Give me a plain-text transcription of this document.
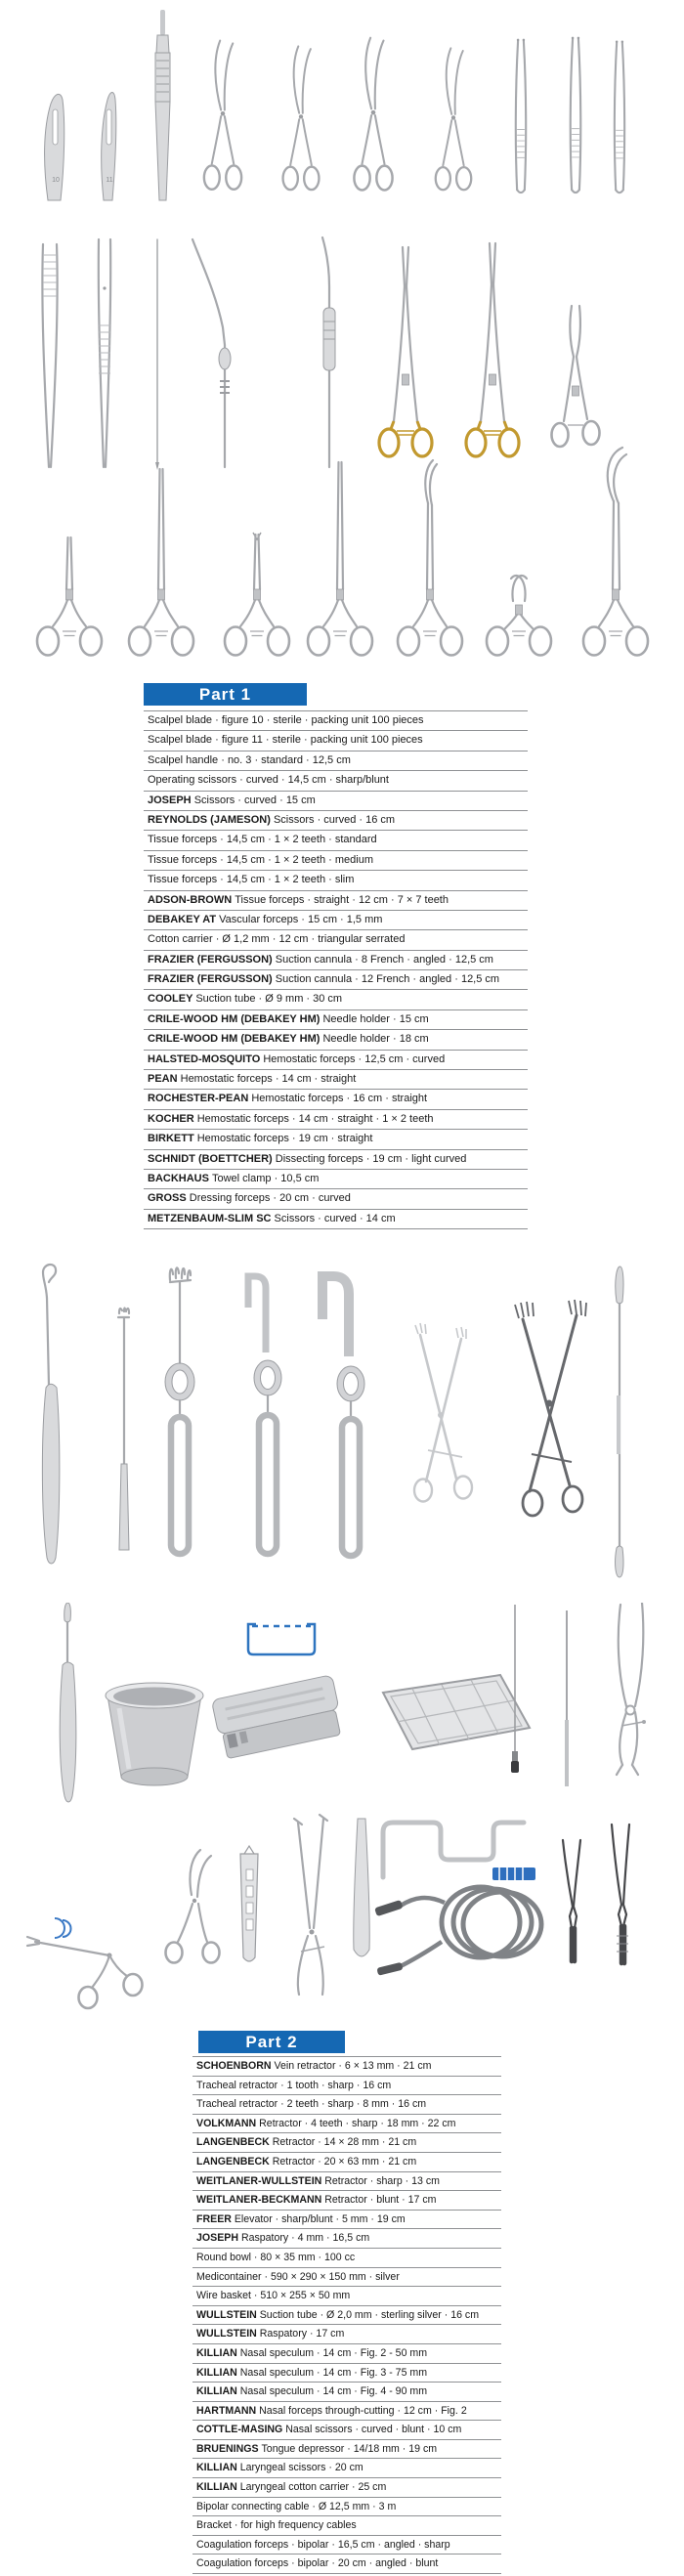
10	11
Part 1
Scalpel blade · figure 10 · sterile · packing unit 100 pieces
Scalpel blade · figure 11 · sterile · packing unit 100 pieces
Scalpel handle · no. 3 · standard · 12,5 cm
Operating scissors · curved · 14,5 cm · sharp/blunt
JOSEPH Scissors · curved · 15 cm
REYNOLDS (JAMESON) Scissors · curved · 16 cm
Tissue forceps · 14,5 cm · 1 × 2 teeth · standard
Tissue forceps · 14,5 cm · 1 × 2 teeth · medium
Tissue forceps · 14,5 cm · 1 × 2 teeth · slim
ADSON-BROWN Tissue forceps · straight · 12 cm · 7 × 7 teeth
DEBAKEY AT Vascular forceps · 15 cm · 1,5 mm
Cotton carrier · Ø 1,2 mm · 12 cm · triangular serrated
FRAZIER (FERGUSSON) Suction cannula · 8 French · angled · 12,5 cm
FRAZIER (FERGUSSON) Suction cannula · 12 French · angled · 12,5 cm
COOLEY Suction tube · Ø 9 mm · 30 cm
CRILE-WOOD HM (DEBAKEY HM) Needle holder · 15 cm
CRILE-WOOD HM (DEBAKEY HM) Needle holder · 18 cm
HALSTED-MOSQUITO Hemostatic forceps · 12,5 cm · curved
PEAN Hemostatic forceps · 14 cm · straight
ROCHESTER-PEAN Hemostatic forceps · 16 cm · straight
KOCHER Hemostatic forceps · 14 cm · straight · 1 × 2 teeth
BIRKETT Hemostatic forceps · 19 cm · straight
SCHNIDT (BOETTCHER) Dissecting forceps · 19 cm · light curved
BACKHAUS Towel clamp · 10,5 cm
GROSS Dressing forceps · 20 cm · curved
METZENBAUM-SLIM SC Scissors · curved · 14 cm
Part 2
SCHOENBORN Vein retractor · 6 × 13 mm · 21 cm
Tracheal retractor · 1 tooth · sharp · 16 cm
Tracheal retractor · 2 teeth · sharp · 8 mm · 16 cm
VOLKMANN Retractor · 4 teeth · sharp · 18 mm · 22 cm
LANGENBECK Retractor · 14 × 28 mm · 21 cm
LANGENBECK Retractor · 20 × 63 mm · 21 cm
WEITLANER-WULLSTEIN Retractor · sharp · 13 cm
WEITLANER-BECKMANN Retractor · blunt · 17 cm
FREER Elevator · sharp/blunt · 5 mm · 19 cm
JOSEPH Raspatory · 4 mm · 16,5 cm
Round bowl · 80 × 35 mm · 100 cc
Medicontainer · 590 × 290 × 150 mm · silver
Wire basket · 510 × 255 × 50 mm
WULLSTEIN Suction tube · Ø 2,0 mm · sterling silver · 16 cm
WULLSTEIN Raspatory · 17 cm
KILLIAN Nasal speculum · 14 cm · Fig. 2 - 50 mm
KILLIAN Nasal speculum · 14 cm · Fig. 3 - 75 mm
KILLIAN Nasal speculum · 14 cm · Fig. 4 - 90 mm
HARTMANN Nasal forceps through-cutting · 12 cm · Fig. 2
COTTLE-MASING Nasal scissors · curved · blunt · 10 cm
BRUENINGS Tongue depressor · 14/18 mm · 19 cm
KILLIAN Laryngeal scissors · 20 cm
KILLIAN Laryngeal cotton carrier · 25 cm
Bipolar connecting cable · Ø 12,5 mm · 3 m
Bracket · for high frequency cables
Coagulation forceps · bipolar · 16,5 cm · angled · sharp
Coagulation forceps · bipolar · 20 cm · angled · blunt
